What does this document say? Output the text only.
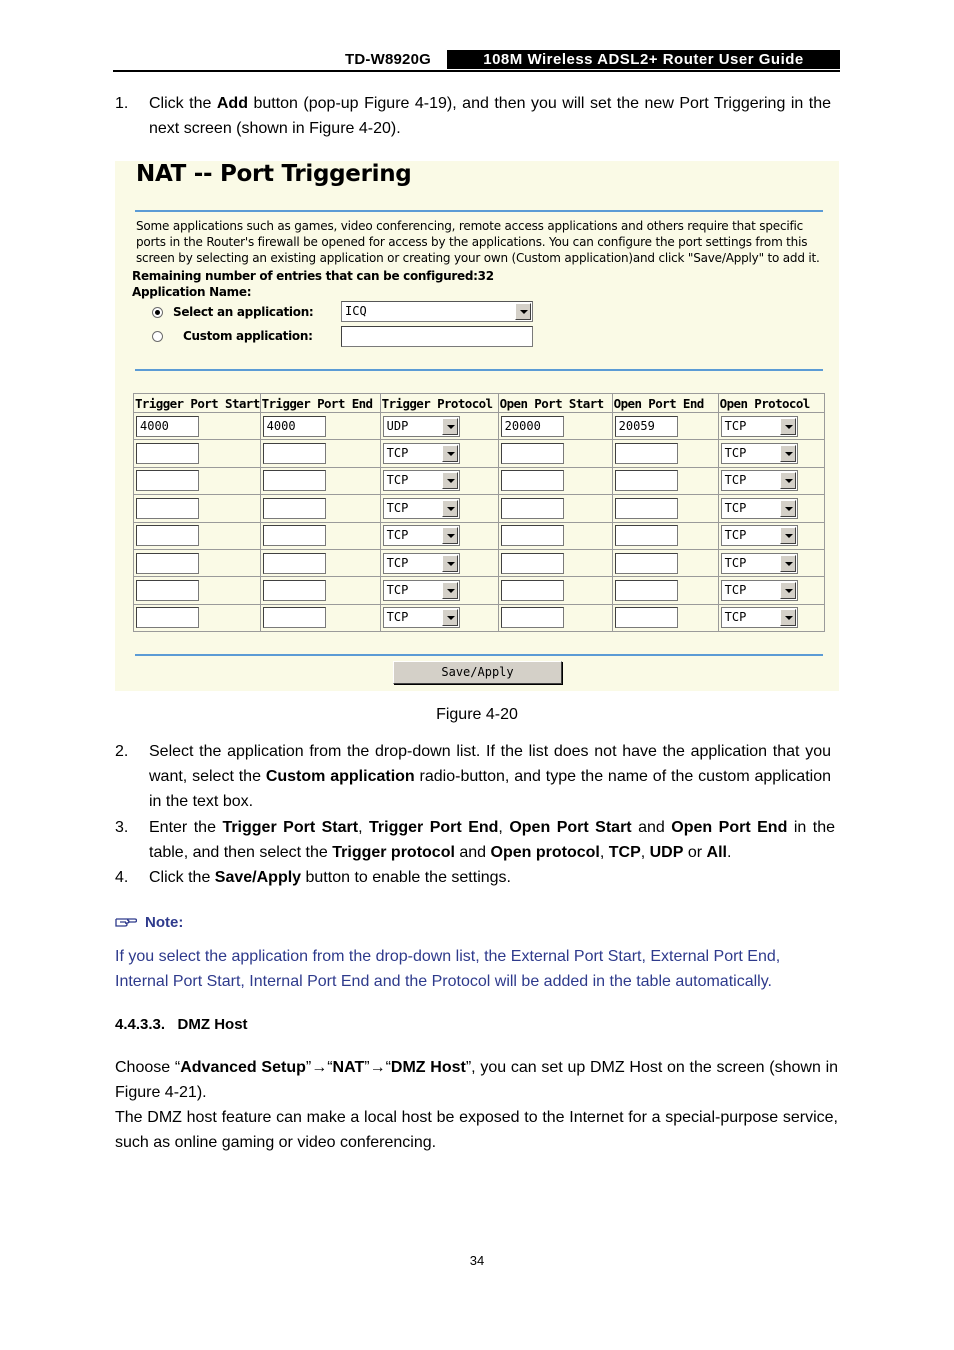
TD-W8920G	108M Wireless ADSL2+ Router User Guide
1. Click the Add button (pop-up Figure 4-19), and then you will set the new Port Triggering in the next screen (shown in Figure 4-20).
NAT -- Port Triggering
Some applications such as games, video conferencing, remote access applications and others require that specific ports in the Router's firewall be opened for access by the applications. You can configure the port settings from this screen by selecting an existing application or creating your own (Custom application)and click "Save/Apply" to add it.
Remaining number of entries that can be configured:32
Application Name:
Select an application:	ICQ
Custom application:
Trigger Port Start	Trigger Port End	Trigger Protocol	Open Port Start	Open Port End	Open Protocol

4000	4000	UDP	20000	20059	TCP

		TCP			TCP

		TCP			TCP

		TCP			TCP

		TCP			TCP

		TCP			TCP

		TCP			TCP

		TCP			TCP
Save/Apply
Figure 4-20
2. Select the application from the drop-down list. If the list does not have the application that you want, select the Custom application radio-button, and type the name of the custom application in the text box.
3. Enter the Trigger Port Start, Trigger Port End, Open Port Start and Open Port End in the table, and then select the Trigger protocol and Open protocol, TCP, UDP or All.
4. Click the Save/Apply button to enable the settings.
Note:
If you select the application from the drop-down list, the External Port Start, External Port End, Internal Port Start, Internal Port End and the Protocol will be added in the table automatically.
4.4.3.3.   DMZ Host
Choose “Advanced Setup”→“NAT”→“DMZ Host”, you can set up DMZ Host on the screen (shown in Figure 4-21).
The DMZ host feature can make a local host be exposed to the Internet for a special-purpose service, such as online gaming or video conferencing.
34
